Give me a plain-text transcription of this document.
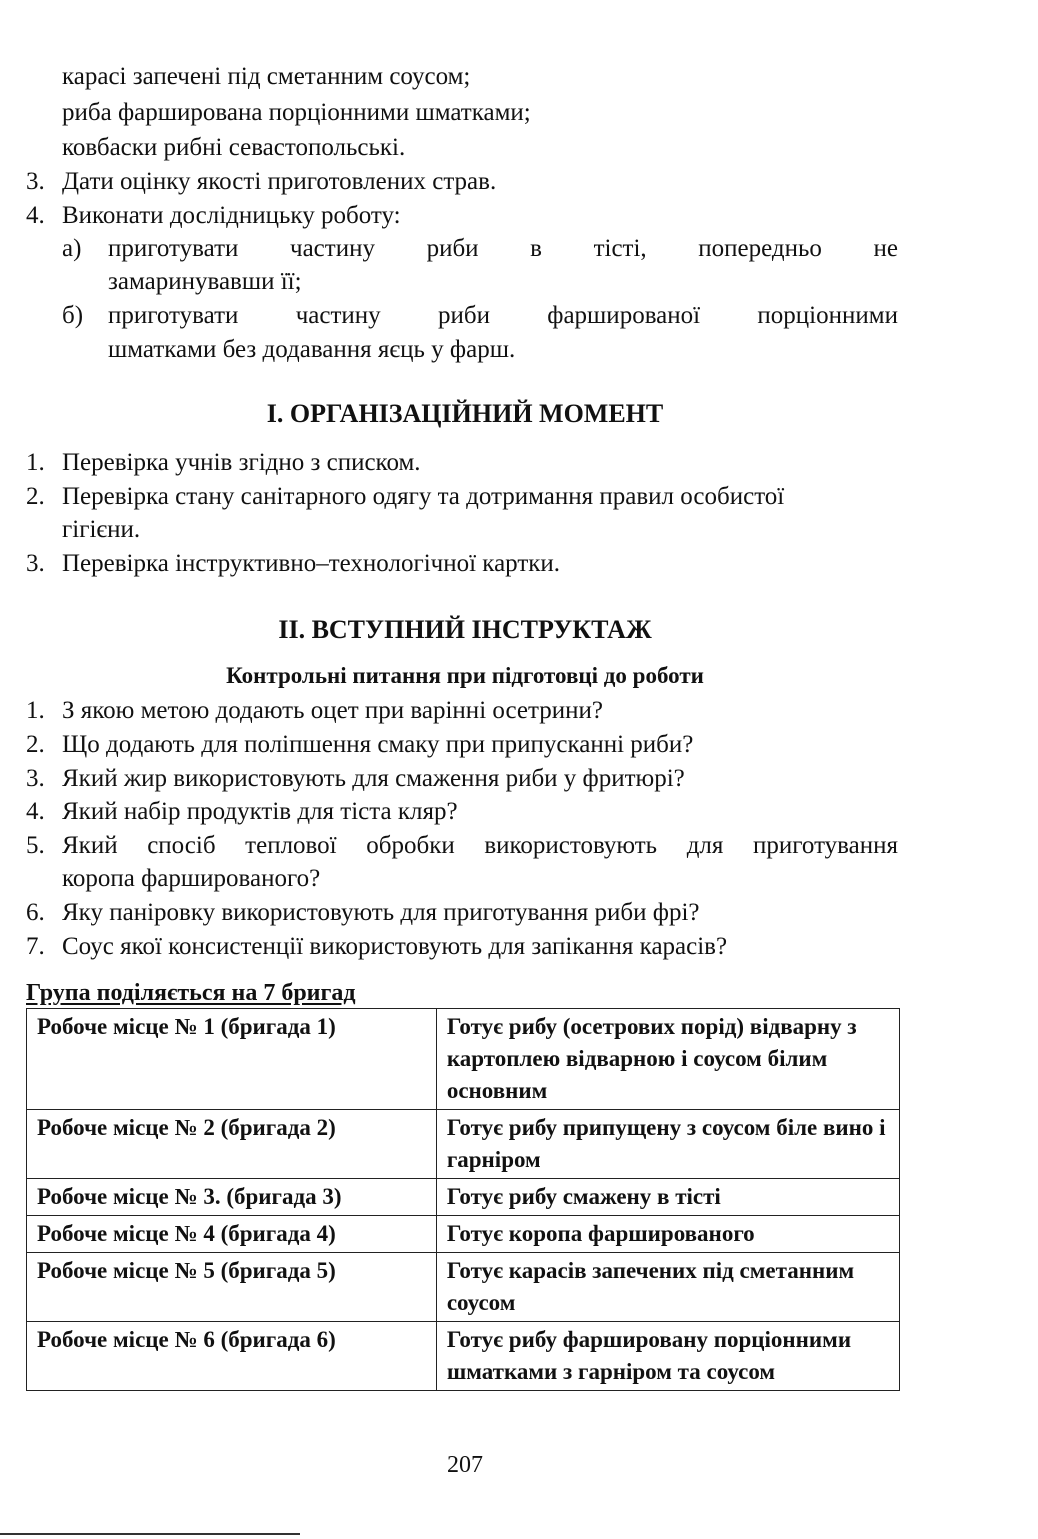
карасі запечені під сметанним соусом;
риба фарширована порціонними шматками;
ковбаски рибні севастопольські.
3. Дати оцінку якості приготовлених страв.
4. Виконати дослідницьку роботу:
а) приготувати частину риби в тісті, попередньо не
замаринувавши її;
б) приготувати частину риби фаршированої порціонними
шматками без додавання яєць у фарш.
І. ОРГАНІЗАЦІЙНИЙ МОМЕНТ
1. Перевірка учнів згідно з списком.
2. Перевірка стану санітарного одягу та дотримання правил особистої
гігієни.
3. Перевірка інструктивно–технологічної картки.
ІІ. ВСТУПНИЙ ІНСТРУКТАЖ
Контрольні питання при підготовці до роботи
1. З якою метою додають оцет при варінні осетрини?
2. Що додають для поліпшення смаку при припусканні риби?
3. Який жир використовують для смаження риби у фритюрі?
4. Який набір продуктів для тіста кляр?
5. Який спосіб теплової обробки використовують для приготування
коропа фаршированого?
6. Яку паніровку використовують для приготування риби фрі?
7. Соус якої консистенції використовують для запікання карасів?
Група поділяється на 7 бригад
Робоче місце № 1 (бригада 1)	Готує рибу (осетрових порід) відварну з картоплею відварною і соусом білим основним
Робоче місце № 2 (бригада 2)	Готує рибу припущену з соусом біле вино і гарніром
Робоче місце № 3. (бригада 3)	Готує рибу смажену в тісті
Робоче місце № 4 (бригада 4)	Готує коропа фаршированого
Робоче місце № 5 (бригада 5)	Готує карасів запечених під сметанним соусом
Робоче місце № 6 (бригада 6)	Готує рибу фаршировану порціонними шматками з гарніром та соусом
207
